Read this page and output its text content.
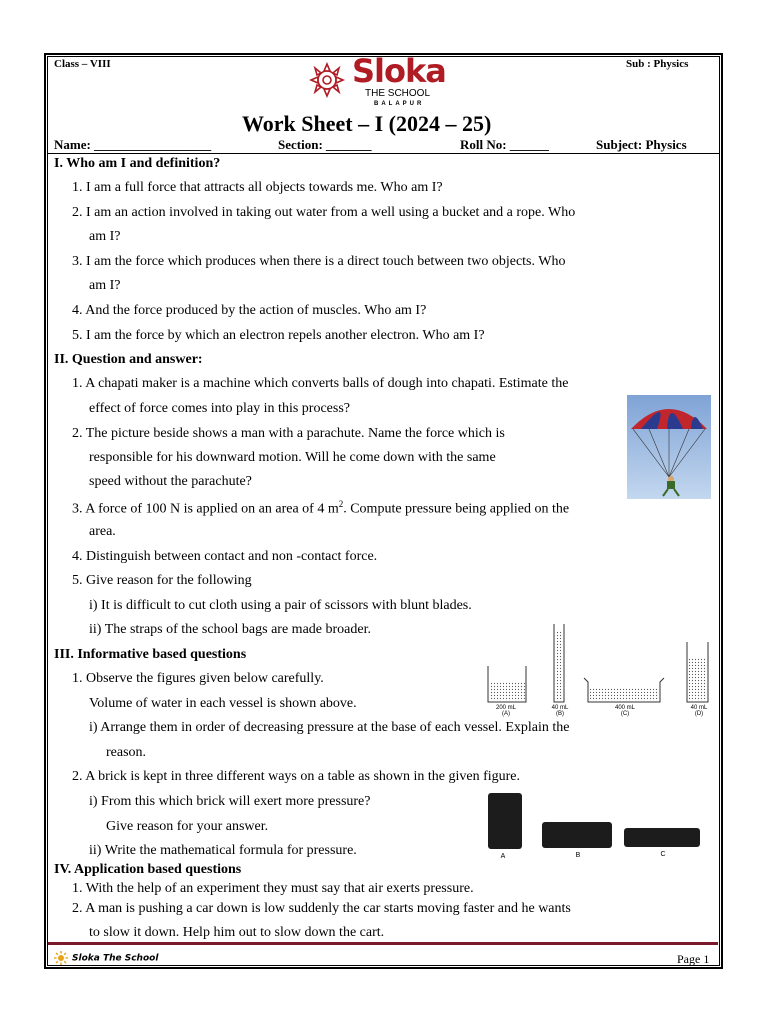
Class – VIII	Sub : Physics
Sloka
THE SCHOOL
BALAPUR
Work Sheet – I (2024 – 25)
Name: __________________	Section: _______	Roll No: ______	Subject: Physics
I. Who am I and definition?
1. I am a full force that attracts all objects towards me. Who am I?
2. I am an action involved in taking out water from a well using a bucket and a rope. Who
am I?
3. I am the force which produces when there is a direct touch between two objects. Who
am I?
4. And the force produced by the action of muscles. Who am I?
5. I am the force by which an electron repels another electron. Who am I?
II. Question and answer:
1. A chapati maker is a machine which converts balls of dough into chapati. Estimate the
effect of force comes into play in this process?
2. The picture beside shows a man with a parachute. Name the force which is
responsible for his downward motion. Will he come down with the same
speed without the parachute?
3. A force of 100 N is applied on an area of 4 $m^2$. Compute pressure being applied on the
area.
4. Distinguish between contact and non -contact force.
5. Give reason for the following
i) It is difficult to cut cloth using a pair of scissors with blunt blades.
ii) The straps of the school bags are made broader.
III. Informative based questions
1. Observe the figures given below carefully.
Volume of water in each vessel is shown above.	200 mL
(A)
40 mL
(B)
400 mL
(C)
40 mL
(D)
i) Arrange them in order of decreasing pressure at the base of each vessel. Explain the
reason.
2. A brick is kept in three different ways on a table as shown in the given figure.
i) From this which brick will exert more pressure?
Give reason for your answer.
ii) Write the mathematical formula for pressure.	A	B	C
IV. Application based questions
1. With the help of an experiment they must say that air exerts pressure.
2. A man is pushing a car down is low suddenly the car starts moving faster and he wants
to slow it down. Help him out to slow down the cart.
Sloka The School	Page 1
